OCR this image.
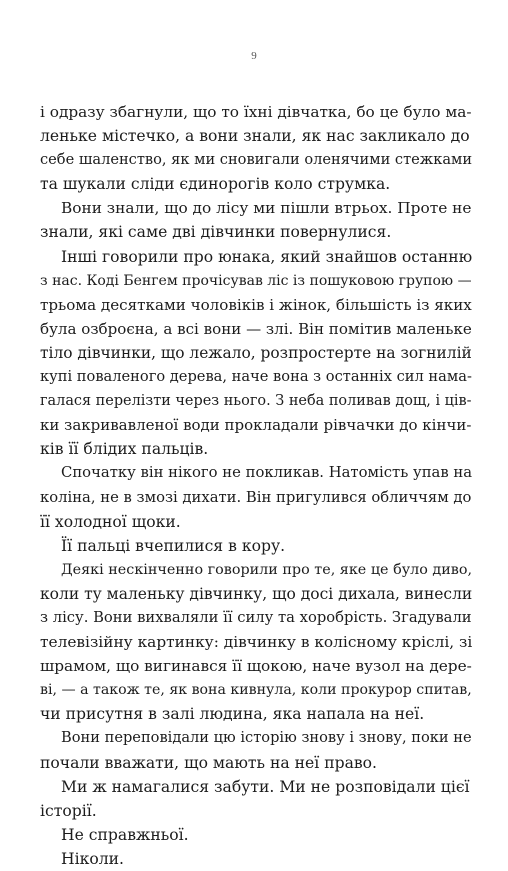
9
і одразу збагнули, що то їхні дівчатка, бо це було ма-
леньке містечко, а вони знали, як нас закликало до
себе шаленство, як ми сновигали оленячими стежками
та шукали сліди єдинорогів коло струмка.
Вони знали, що до лісу ми пішли втрьох. Проте не
знали, які саме дві дівчинки повернулися.
Інші говорили про юнака, який знайшов останню
з нас. Коді Бенгем прочісував ліс із пошуковою групою —
трьома десятками чоловіків і жінок, більшість із яких
була озброєна, а всі вони — злі. Він помітив маленьке
тіло дівчинки, що лежало, розпростерте на зогнилій
купі поваленого дерева, наче вона з останніх сил нама-
галася перелізти через нього. З неба поливав дощ, і ців-
ки закривавленої води прокладали рівчачки до кінчи-
ків її блідих пальців.
Спочатку він нікого не покликав. Натомість упав на
коліна, не в змозі дихати. Він пригулився обличчям до
її холодної щоки.
Її пальці вчепилися в кору.
Деякі нескінченно говорили про те, яке це було диво,
коли ту маленьку дівчинку, що досі дихала, винесли
з лісу. Вони вихваляли її силу та хоробрість. Згадували
телевізійну картинку: дівчинку в колісному кріслі, зі
шрамом, що вигинався її щокою, наче вузол на дере-
ві, — а також те, як вона кивнула, коли прокурор спитав,
чи присутня в залі людина, яка напала на неї.
Вони переповідали цю історію знову і знову, поки не
почали вважати, що мають на неї право.
Ми ж намагалися забути. Ми не розповідали цієї
історії.
Не справжньої.
Ніколи.
